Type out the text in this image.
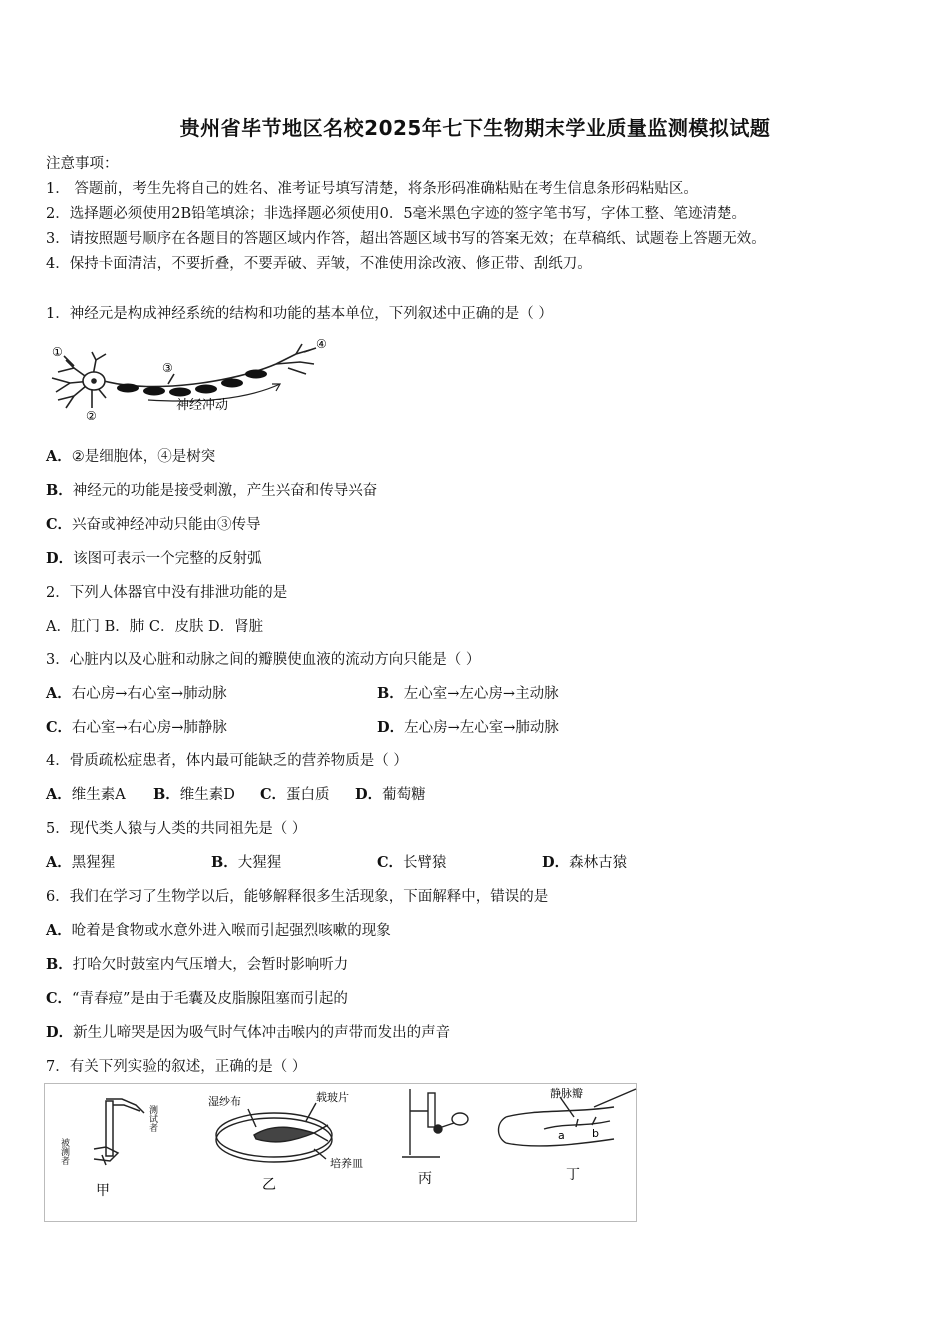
贵州省毕节地区名校2025年七下生物期末学业质量监测模拟试题
注意事项：
1． 答题前，考生先将自己的姓名、准考证号填写清楚，将条形码准确粘贴在考生信息条形码粘贴区。
2．选择题必须使用2B铅笔填涂；非选择题必须使用0．5毫米黑色字迹的签字笔书写，字体工整、笔迹清楚。
3．请按照题号顺序在各题目的答题区域内作答，超出答题区域书写的答案无效；在草稿纸、试题卷上答题无效。
4．保持卡面清洁，不要折叠，不要弄破、弄皱，不准使用涂改液、修正带、刮纸刀。
1．神经元是构成神经系统的结构和功能的基本单位，下列叙述中正确的是（ ）
①
②
③
④
神经冲动
A．②是细胞体，④是树突
B．神经元的功能是接受刺激，产生兴奋和传导兴奋
C．兴奋或神经冲动只能由③传导
D．该图可表示一个完整的反射弧
2．下列人体器官中没有排泄功能的是
A．肛门 B．肺 C．皮肤 D．肾脏
3．心脏内以及心脏和动脉之间的瓣膜使血液的流动方向只能是（ ）
A．右心房→右心室→肺动脉	B．左心室→左心房→主动脉
C．右心室→右心房→肺静脉	D．左心房→左心室→肺动脉
4．骨质疏松症患者，体内最可能缺乏的营养物质是（ ）
A．维生素A B．维生素D C．蛋白质 D．葡萄糖
5．现代类人猿与人类的共同祖先是（ ）
A．黑猩猩	B．大猩猩	C．长臂猿	D．森林古猿
6．我们在学习了生物学以后，能够解释很多生活现象，下面解释中，错误的是
A．呛着是食物或水意外进入喉而引起强烈咳嗽的现象
B．打哈欠时鼓室内气压增大，会暂时影响听力
C．“青春痘”是由于毛囊及皮脂腺阻塞而引起的
D．新生儿啼哭是因为吸气时气体冲击喉内的声带而发出的声音
7．有关下列实验的叙述，正确的是（ ）
测试者
被测者
甲
湿纱布	载玻片
培养皿
乙	丙
静脉瓣
a b
丁
